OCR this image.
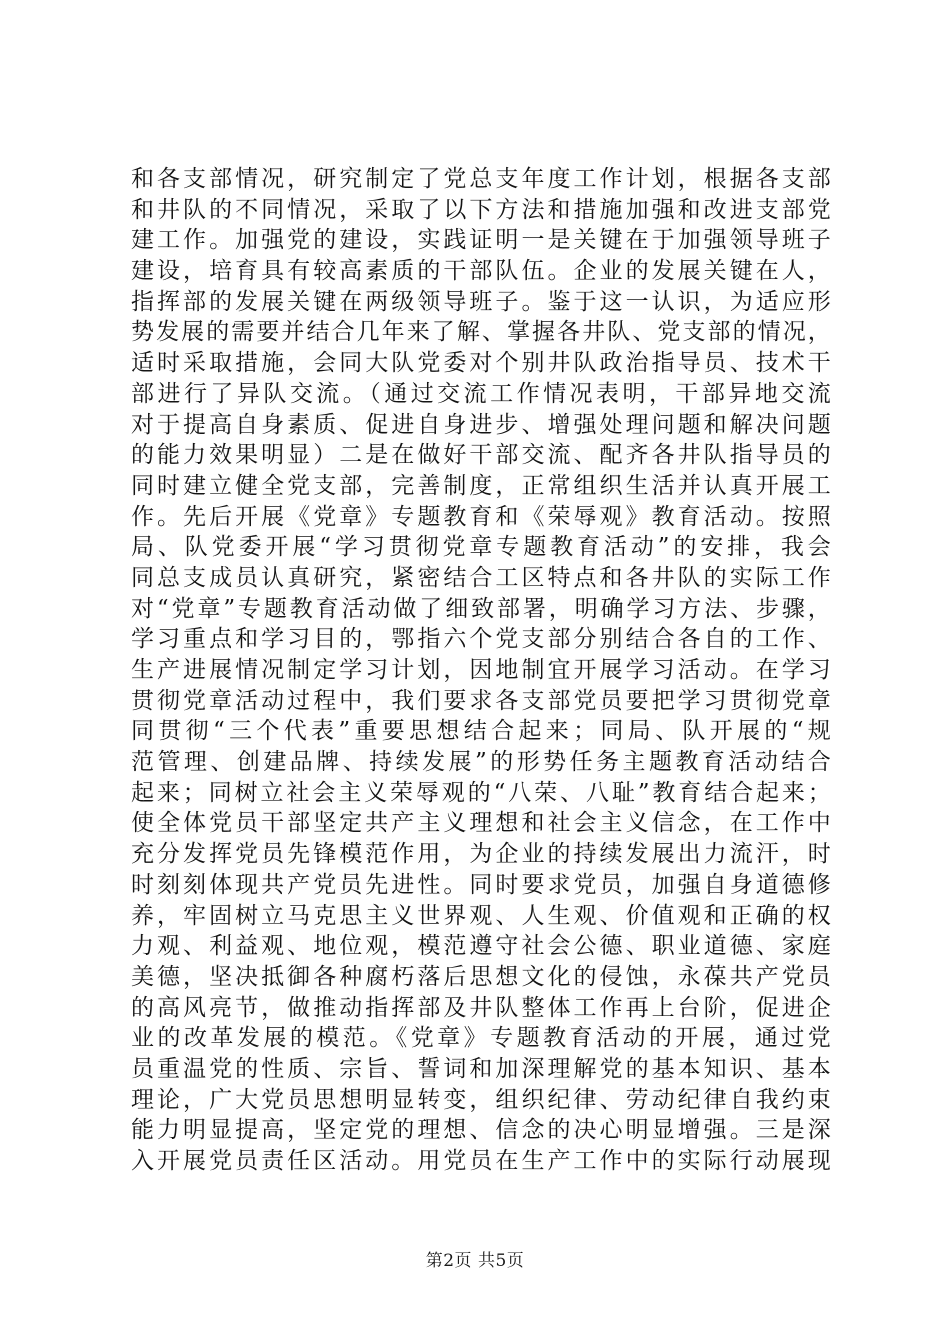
和各支部情况，研究制定了党总支年度工作计划，根据各支部
和井队的不同情况，采取了以下方法和措施加强和改进支部党
建工作。加强党的建设，实践证明一是关键在于加强领导班子
建设，培育具有较高素质的干部队伍。企业的发展关键在人，
指挥部的发展关键在两级领导班子。鉴于这一认识，为适应形
势发展的需要并结合几年来了解、掌握各井队、党支部的情况，
适时采取措施，会同大队党委对个别井队政治指导员、技术干
部进行了异队交流。（通过交流工作情况表明，干部异地交流
对于提高自身素质、促进自身进步、增强处理问题和解决问题
的能力效果明显）二是在做好干部交流、配齐各井队指导员的
同时建立健全党支部，完善制度，正常组织生活并认真开展工
作。先后开展《党章》专题教育和《荣辱观》教育活动。按照
局、队党委开展“学习贯彻党章专题教育活动”的安排，我会
同总支成员认真研究，紧密结合工区特点和各井队的实际工作
对“党章”专题教育活动做了细致部署，明确学习方法、步骤，
学习重点和学习目的，鄂指六个党支部分别结合各自的工作、
生产进展情况制定学习计划，因地制宜开展学习活动。在学习
贯彻党章活动过程中，我们要求各支部党员要把学习贯彻党章
同贯彻“三个代表”重要思想结合起来；同局、队开展的“规
范管理、创建品牌、持续发展”的形势任务主题教育活动结合
起来；同树立社会主义荣辱观的“八荣、八耻”教育结合起来；
使全体党员干部坚定共产主义理想和社会主义信念，在工作中
充分发挥党员先锋模范作用，为企业的持续发展出力流汗，时
时刻刻体现共产党员先进性。同时要求党员，加强自身道德修
养，牢固树立马克思主义世界观、人生观、价值观和正确的权
力观、利益观、地位观，模范遵守社会公德、职业道德、家庭
美德，坚决抵御各种腐朽落后思想文化的侵蚀，永葆共产党员
的高风亮节，做推动指挥部及井队整体工作再上台阶，促进企
业的改革发展的模范。《党章》专题教育活动的开展，通过党
员重温党的性质、宗旨、誓词和加深理解党的基本知识、基本
理论，广大党员思想明显转变，组织纪律、劳动纪律自我约束
能力明显提高，坚定党的理想、信念的决心明显增强。三是深
入开展党员责任区活动。用党员在生产工作中的实际行动展现
第2页 共5页
